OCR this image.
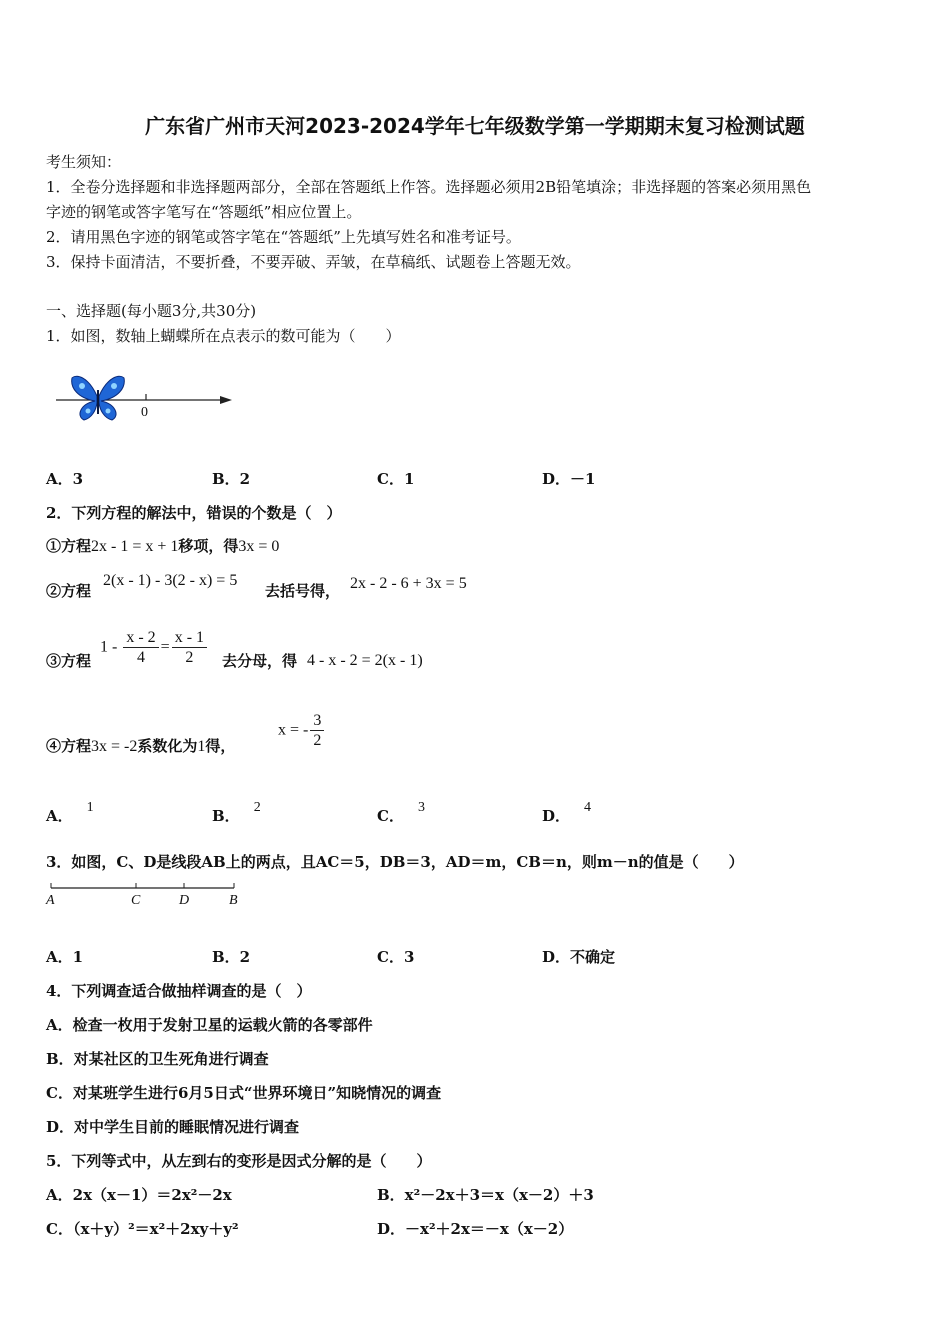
广东省广州市天河2023-2024学年七年级数学第一学期期末复习检测试题
考生须知：
1．全卷分选择题和非选择题两部分，全部在答题纸上作答。选择题必须用2B铅笔填涂；非选择题的答案必须用黑色
字迹的钢笔或答字笔写在“答题纸”相应位置上。
2．请用黑色字迹的钢笔或答字笔在“答题纸”上先填写姓名和准考证号。
3．保持卡面清洁，不要折叠，不要弄破、弄皱，在草稿纸、试题卷上答题无效。
一、选择题(每小题3分,共30分)
1．如图，数轴上蝴蝶所在点表示的数可能为（　　）
0
A．3	B．2	C．1	D．－1
2．下列方程的解法中，错误的个数是（　）
①方程2x - 1 = x + 1移项，得3x = 0
②方程
2(x - 1) - 3(2 - x) = 5
去括号得， 2x - 2 - 6 + 3x = 5
③方程
$1 - \frac{x - 2}{4} = \frac{x - 1}{2}$ 去分母，得 4 - x - 2 = 2(x - 1)
④方程3x = -2系数化为1得，
x = - $\frac{3}{2}$
A． 1	B． 2	C． 3	D． 4
3．如图，C、D是线段AB上的两点，且AC＝5，DB＝3，AD＝m，CB＝n，则m－n的值是（　　）
A	C	D	B
A．1	B．2	C．3	D．不确定
4．下列调查适合做抽样调查的是（　）
A．检查一枚用于发射卫星的运载火箭的各零部件
B．对某社区的卫生死角进行调查
C．对某班学生进行6月5日式“世界环境日”知晓情况的调查
D．对中学生目前的睡眠情况进行调查
5．下列等式中，从左到右的变形是因式分解的是（　　）
A．2x（x－1）＝2x²－2x	B．x²－2x＋3＝x（x－2）＋3
C．（x＋y）²＝x²＋2xy＋y²	D．－x²＋2x＝－x（x－2）
